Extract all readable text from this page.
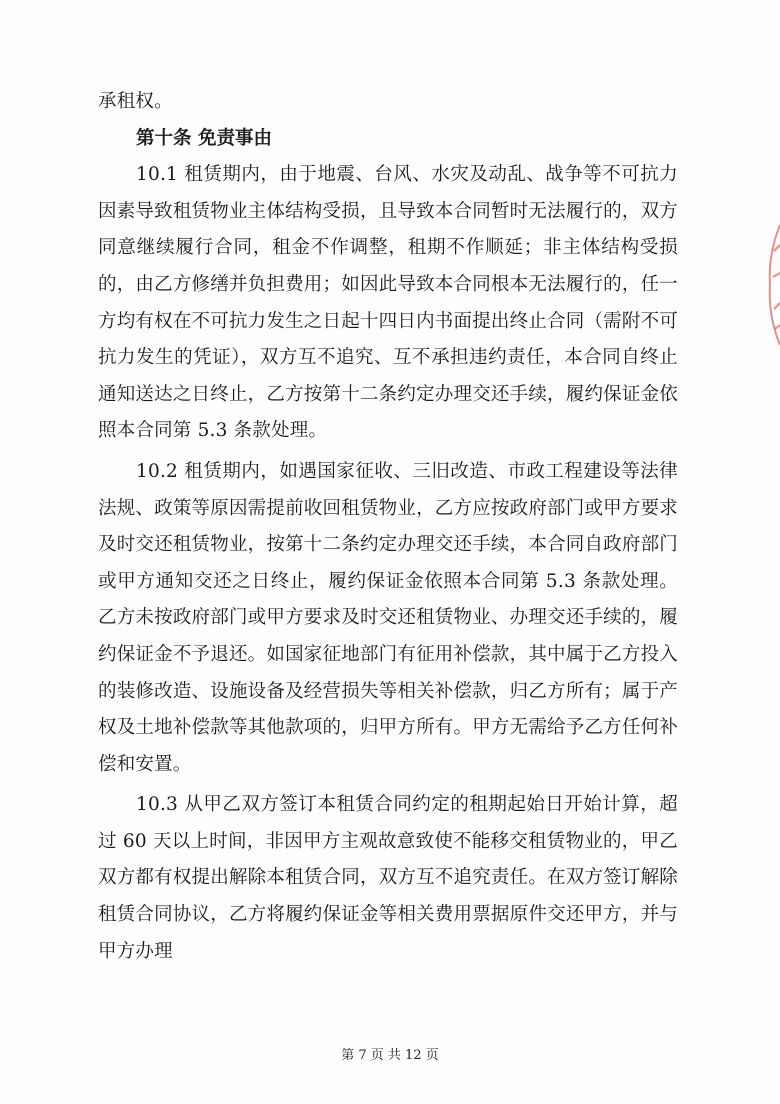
承租权。

第十条 免责事由

10.1 租赁期内，由于地震、台风、水灾及动乱、战争等不可抗力因素导致租赁物业主体结构受损，且导致本合同暂时无法履行的，双方同意继续履行合同，租金不作调整，租期不作顺延；非主体结构受损的，由乙方修缮并负担费用；如因此导致本合同根本无法履行的，任一方均有权在不可抗力发生之日起十四日内书面提出终止合同（需附不可抗力发生的凭证），双方互不追究、互不承担违约责任，本合同自终止通知送达之日终止，乙方按第十二条约定办理交还手续，履约保证金依照本合同第 5.3 条款处理。

10.2 租赁期内，如遇国家征收、三旧改造、市政工程建设等法律法规、政策等原因需提前收回租赁物业，乙方应按政府部门或甲方要求及时交还租赁物业，按第十二条约定办理交还手续，本合同自政府部门或甲方通知交还之日终止，履约保证金依照本合同第 5.3 条款处理。乙方未按政府部门或甲方要求及时交还租赁物业、办理交还手续的，履约保证金不予退还。如国家征地部门有征用补偿款，其中属于乙方投入的装修改造、设施设备及经营损失等相关补偿款，归乙方所有；属于产权及土地补偿款等其他款项的，归甲方所有。甲方无需给予乙方任何补偿和安置。

10.3 从甲乙双方签订本租赁合同约定的租期起始日开始计算，超过 60 天以上时间，非因甲方主观故意致使不能移交租赁物业的，甲乙双方都有权提出解除本租赁合同，双方互不追究责任。在双方签订解除租赁合同协议，乙方将履约保证金等相关费用票据原件交还甲方，并与甲方办理

第 7 页 共 12 页
